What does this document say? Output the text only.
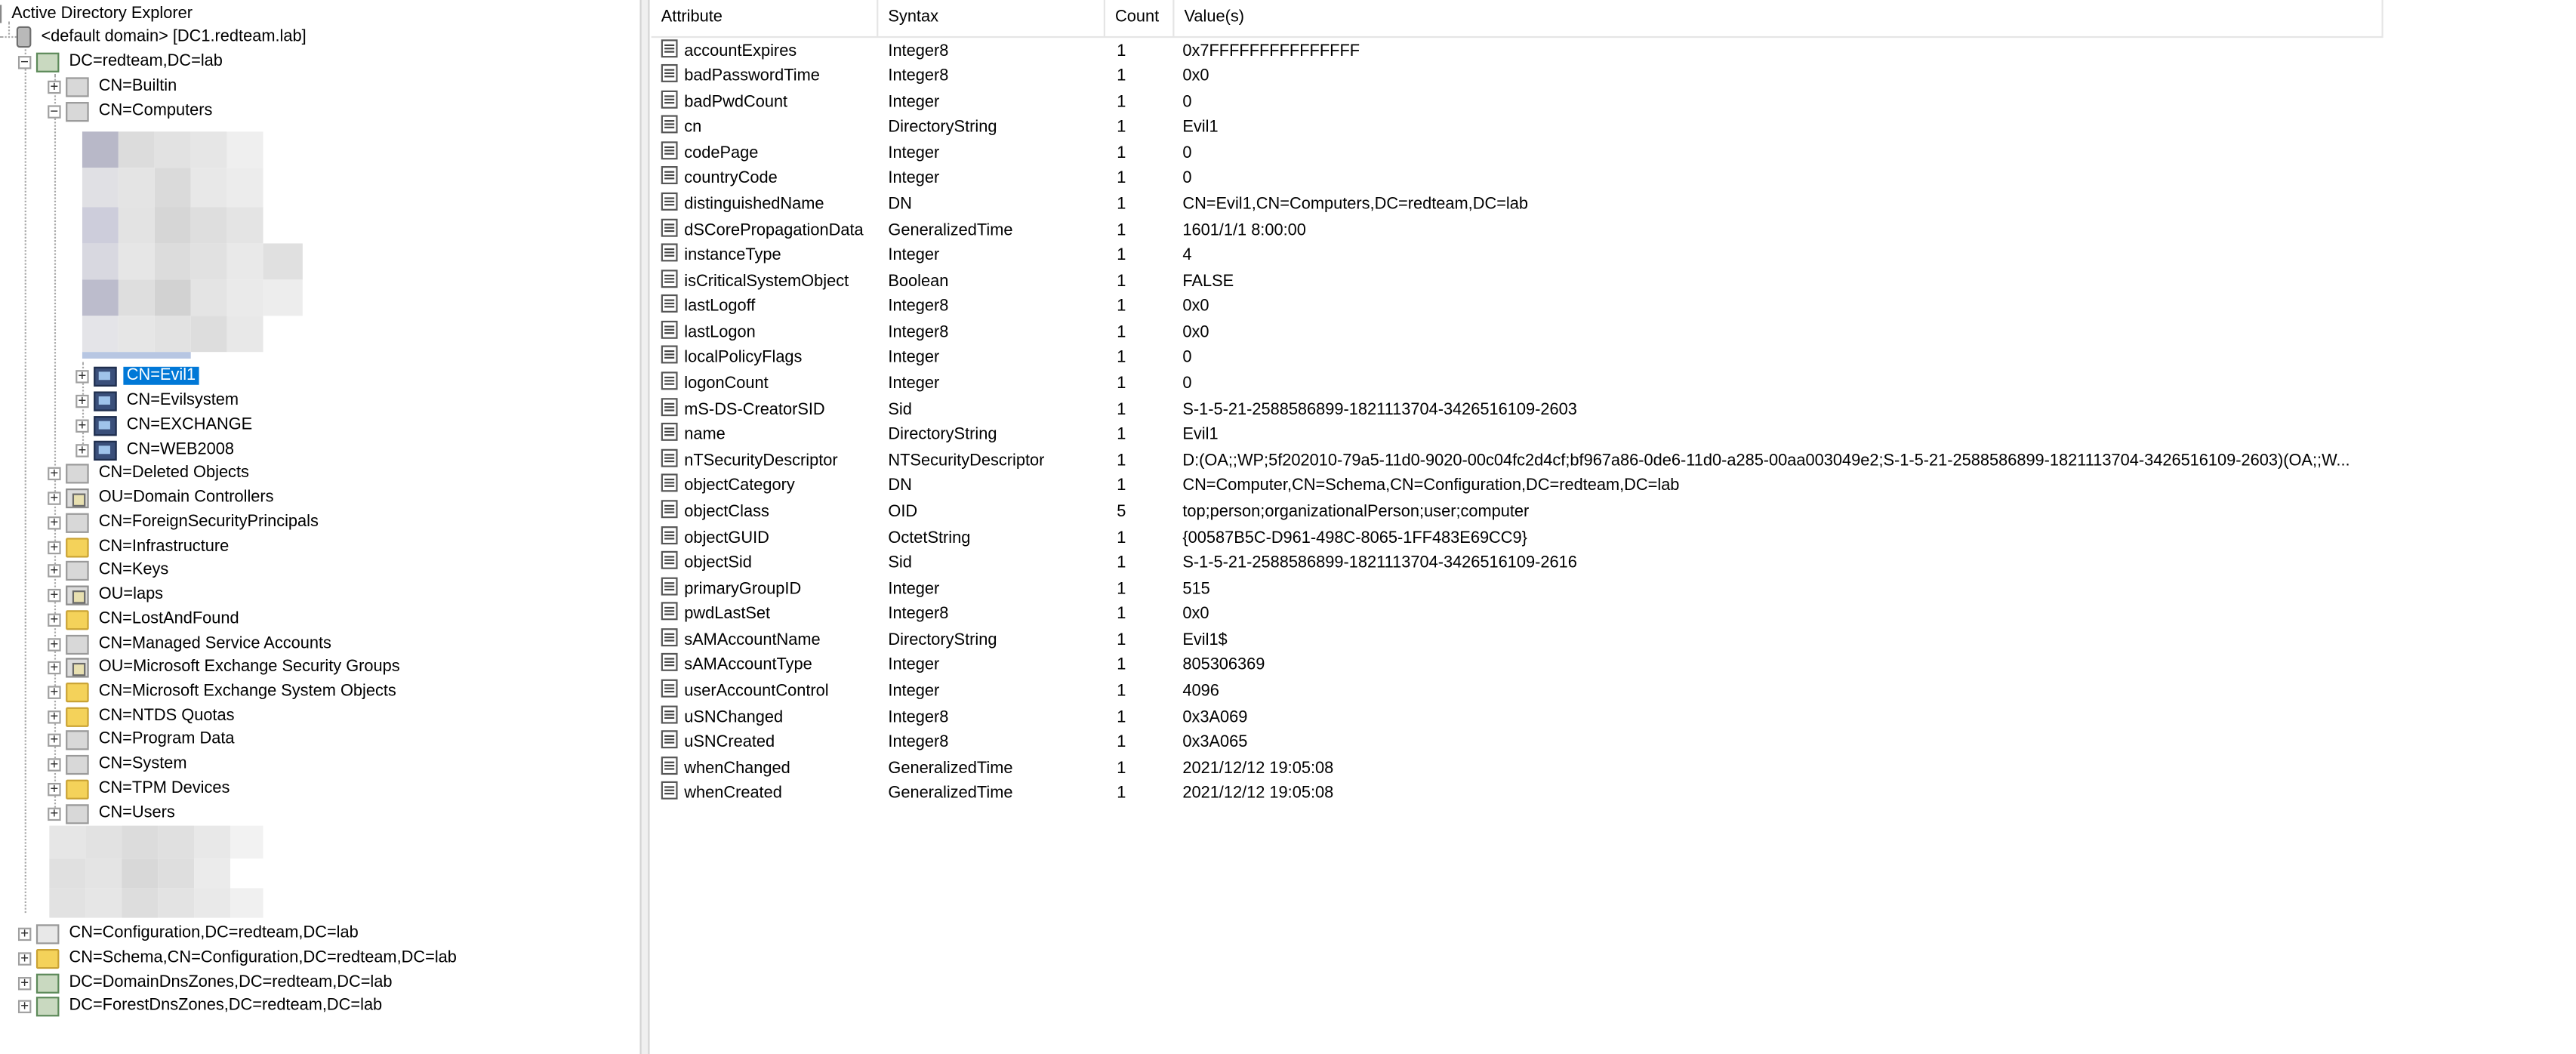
Active Directory Explorer
<default domain> [DC1.redteam.lab]
−	DC=redteam,DC=lab
+	CN=Builtin
−	CN=Computers
+	CN=Evil1
+	CN=Evilsystem
+	CN=EXCHANGE
+	CN=WEB2008
+	CN=Deleted Objects
+	OU=Domain Controllers
+	CN=ForeignSecurityPrincipals
+	CN=Infrastructure
+	CN=Keys
+	OU=laps
+	CN=LostAndFound
+	CN=Managed Service Accounts
+	OU=Microsoft Exchange Security Groups
+	CN=Microsoft Exchange System Objects
+	CN=NTDS Quotas
+	CN=Program Data
+	CN=System
+	CN=TPM Devices
+	CN=Users
+	CN=Configuration,DC=redteam,DC=lab
+	CN=Schema,CN=Configuration,DC=redteam,DC=lab
+	DC=DomainDnsZones,DC=redteam,DC=lab
+	DC=ForestDnsZones,DC=redteam,DC=lab
Attribute	Syntax	Count	Value(s)
accountExpires	Integer8	1	0x7FFFFFFFFFFFFFFF
badPasswordTime	Integer8	1	0x0
badPwdCount	Integer	1	0
cn	DirectoryString	1	Evil1
codePage	Integer	1	0
countryCode	Integer	1	0
distinguishedName	DN	1	CN=Evil1,CN=Computers,DC=redteam,DC=lab
dSCorePropagationData	GeneralizedTime	1	1601/1/1 8:00:00
instanceType	Integer	1	4
isCriticalSystemObject	Boolean	1	FALSE
lastLogoff	Integer8	1	0x0
lastLogon	Integer8	1	0x0
localPolicyFlags	Integer	1	0
logonCount	Integer	1	0
mS-DS-CreatorSID	Sid	1	S-1-5-21-2588586899-1821113704-3426516109-2603
name	DirectoryString	1	Evil1
nTSecurityDescriptor	NTSecurityDescriptor	1	D:(OA;;WP;5f202010-79a5-11d0-9020-00c04fc2d4cf;bf967a86-0de6-11d0-a285-00aa003049e2;S-1-5-21-2588586899-1821113704-3426516109-2603)(OA;;W...
objectCategory	DN	1	CN=Computer,CN=Schema,CN=Configuration,DC=redteam,DC=lab
objectClass	OID	5	top;person;organizationalPerson;user;computer
objectGUID	OctetString	1	{00587B5C-D961-498C-8065-1FF483E69CC9}
objectSid	Sid	1	S-1-5-21-2588586899-1821113704-3426516109-2616
primaryGroupID	Integer	1	515
pwdLastSet	Integer8	1	0x0
sAMAccountName	DirectoryString	1	Evil1$
sAMAccountType	Integer	1	805306369
userAccountControl	Integer	1	4096
uSNChanged	Integer8	1	0x3A069
uSNCreated	Integer8	1	0x3A065
whenChanged	GeneralizedTime	1	2021/12/12 19:05:08
whenCreated	GeneralizedTime	1	2021/12/12 19:05:08
